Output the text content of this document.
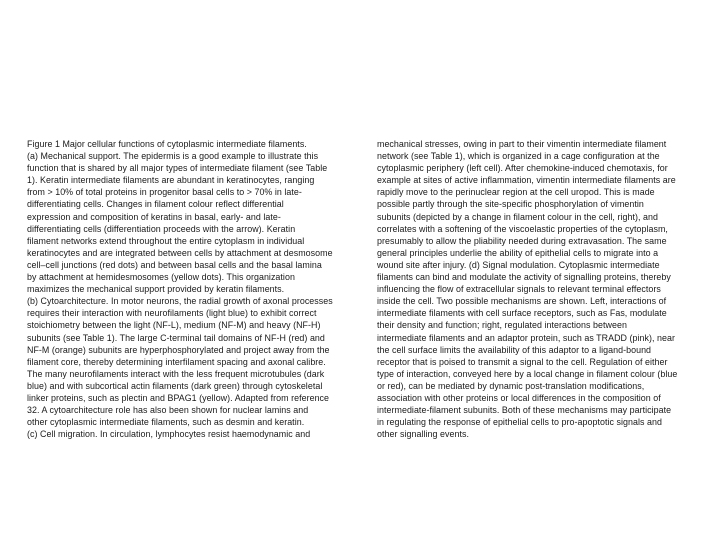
Figure 1 Major cellular functions of cytoplasmic intermediate filaments.
(a) Mechanical support. The epidermis is a good example to illustrate this
function that is shared by all major types of intermediate filament (see Table
1). Keratin intermediate filaments are abundant in keratinocytes, ranging
from > 10% of total proteins in progenitor basal cells to > 70% in late-
differentiating cells. Changes in filament colour reflect differential
expression and composition of keratins in basal, early- and late-
differentiating cells (differentiation proceeds with the arrow). Keratin
filament networks extend throughout the entire cytoplasm in individual
keratinocytes and are integrated between cells by attachment at desmosome
cell–cell junctions (red dots) and between basal cells and the basal lamina
by attachment at hemidesmosomes (yellow dots). This organization
maximizes the mechanical support provided by keratin filaments.
(b) Cytoarchitecture. In motor neurons, the radial growth of axonal processes
requires their interaction with neurofilaments (light blue) to exhibit correct
stoichiometry between the light (NF-L), medium (NF-M) and heavy (NF-H)
subunits (see Table 1). The large C-terminal tail domains of NF-H (red) and
NF-M (orange) subunits are hyperphosphorylated and project away from the
filament core, thereby determining interfilament spacing and axonal calibre.
The many neurofilaments interact with the less frequent microtubules (dark
blue) and with subcortical actin filaments (dark green) through cytoskeletal
linker proteins, such as plectin and BPAG1 (yellow). Adapted from reference
32. A cytoarchitecture role has also been shown for nuclear lamins and
other cytoplasmic intermediate filaments, such as desmin and keratin.
(c) Cell migration. In circulation, lymphocytes resist haemodynamic and
mechanical stresses, owing in part to their vimentin intermediate filament
network (see Table 1), which is organized in a cage configuration at the
cytoplasmic periphery (left cell). After chemokine-induced chemotaxis, for
example at sites of active inflammation, vimentin intermediate filaments are
rapidly move to the perinuclear region at the cell uropod. This is made
possible partly through the site-specific phosphorylation of vimentin
subunits (depicted by a change in filament colour in the cell, right), and
correlates with a softening of the viscoelastic properties of the cytoplasm,
presumably to allow the pliability needed during extravasation. The same
general principles underlie the ability of epithelial cells to migrate into a
wound site after injury. (d) Signal modulation. Cytoplasmic intermediate
filaments can bind and modulate the activity of signalling proteins, thereby
influencing the flow of extracellular signals to relevant terminal effectors
inside the cell. Two possible mechanisms are shown. Left, interactions of
intermediate filaments with cell surface receptors, such as Fas, modulate
their density and function; right, regulated interactions between
intermediate filaments and an adaptor protein, such as TRADD (pink), near
the cell surface limits the availability of this adaptor to a ligand-bound
receptor that is poised to transmit a signal to the cell. Regulation of either
type of interaction, conveyed here by a local change in filament colour (blue
or red), can be mediated by dynamic post-translation modifications,
association with other proteins or local differences in the composition of
intermediate-filament subunits. Both of these mechanisms may participate
in regulating the response of epithelial cells to pro-apoptotic signals and
other signalling events.
